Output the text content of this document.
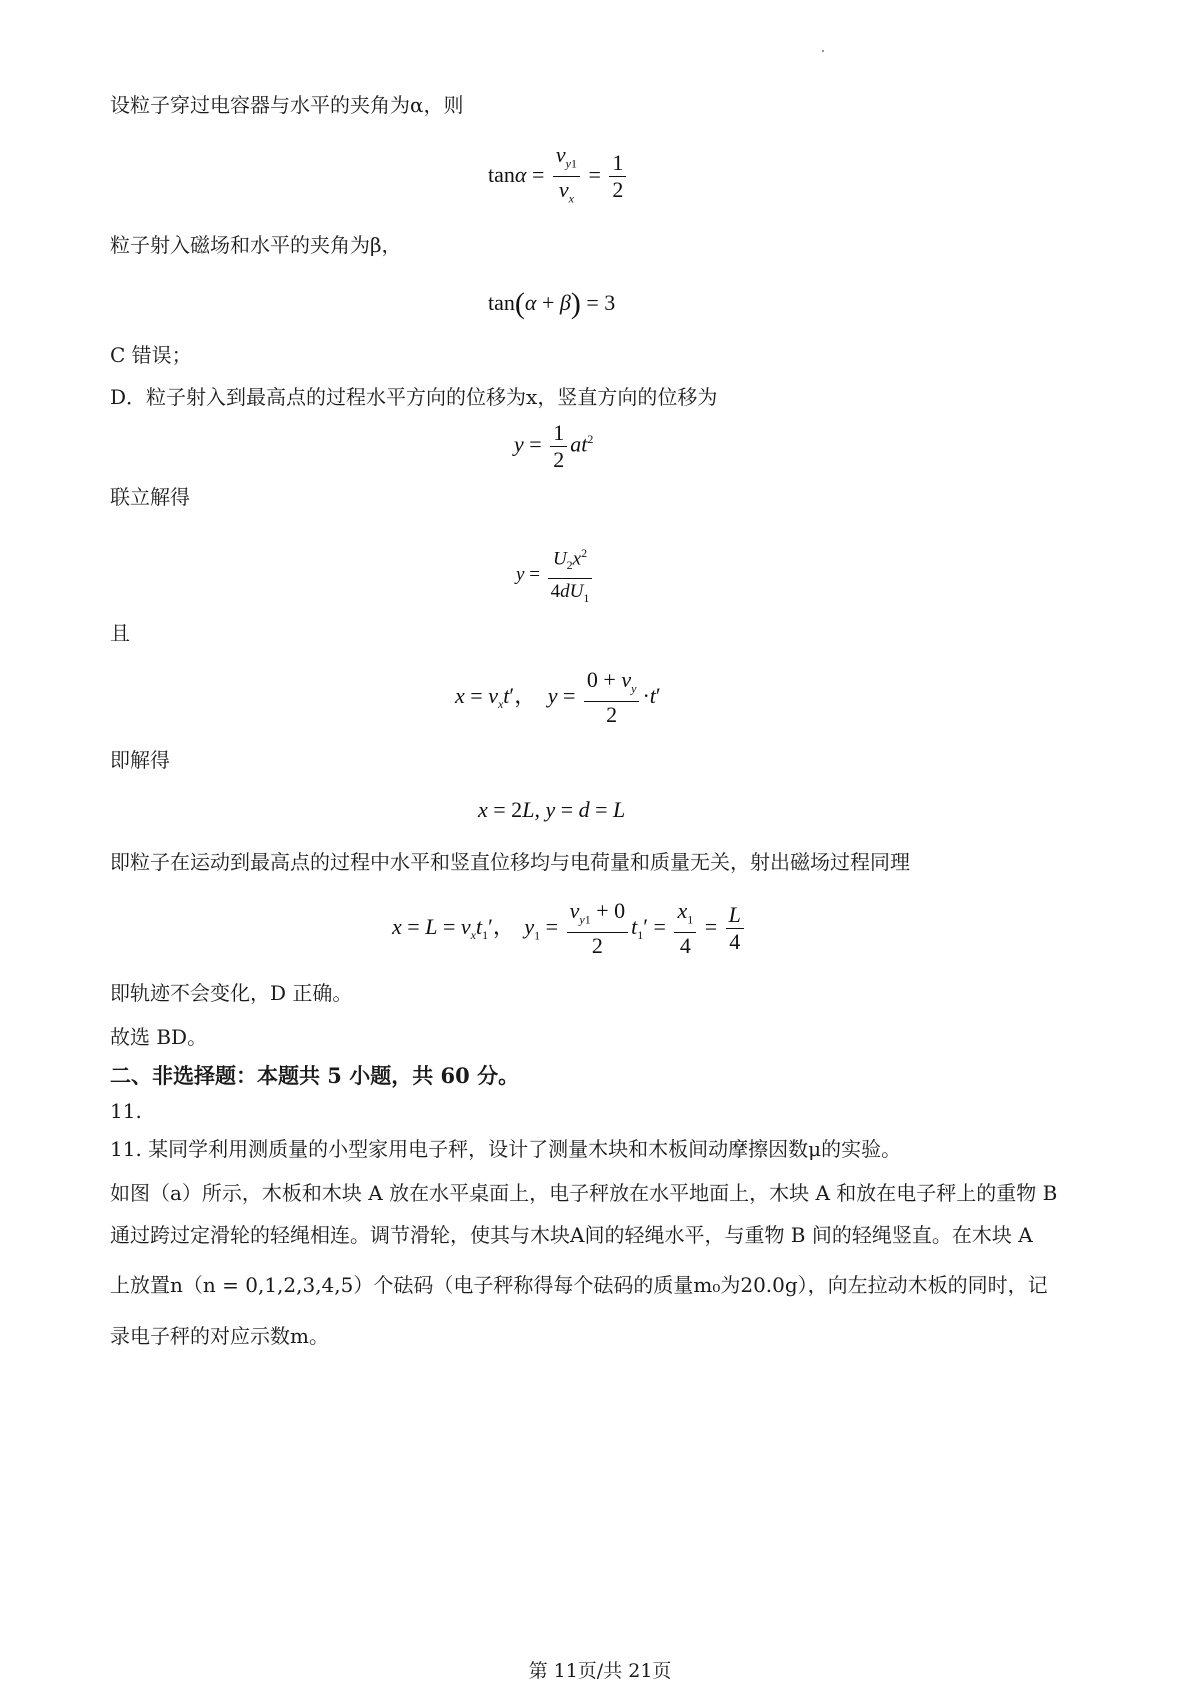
设粒子穿过电容器与水平的夹角为α，则
$\tan\alpha = \frac{v_{y1}}{v_x} = \frac{1}{2}$
粒子射入磁场和水平的夹角为β，
tan(α + β) = 3
C 错误；
D．粒子射入到最高点的过程水平方向的位移为x，竖直方向的位移为
$y = \frac{1}{2} at^2$
联立解得
$y = \frac{U_2x^2}{4dU_1}$
且
$x = v_xt'$， $y = \frac{0 + v_y}{2} \cdot t'$
即解得
x = 2L, y = d = L
即粒子在运动到最高点的过程中水平和竖直位移均与电荷量和质量无关，射出磁场过程同理
$x = L = v_xt_1'$， $y_1 = \frac{v_{y1} + 0}{2} t_1' = \frac{x_1}{4} = \frac{L}{4}$
即轨迹不会变化，D 正确。
故选 BD。
二、非选择题：本题共 5 小题，共 60 分。
11.
11. 某同学利用测质量的小型家用电子秤，设计了测量木块和木板间动摩擦因数μ的实验。
如图（a）所示，木板和木块 A 放在水平桌面上，电子秤放在水平地面上，木块 A 和放在电子秤上的重物 B
通过跨过定滑轮的轻绳相连。调节滑轮，使其与木块A间的轻绳水平，与重物 B 间的轻绳竖直。在木块 A
上放置n（n = 0,1,2,3,4,5）个砝码（电子秤称得每个砝码的质量m₀为20.0g），向左拉动木板的同时，记
录电子秤的对应示数m。
第 11页/共 21页
